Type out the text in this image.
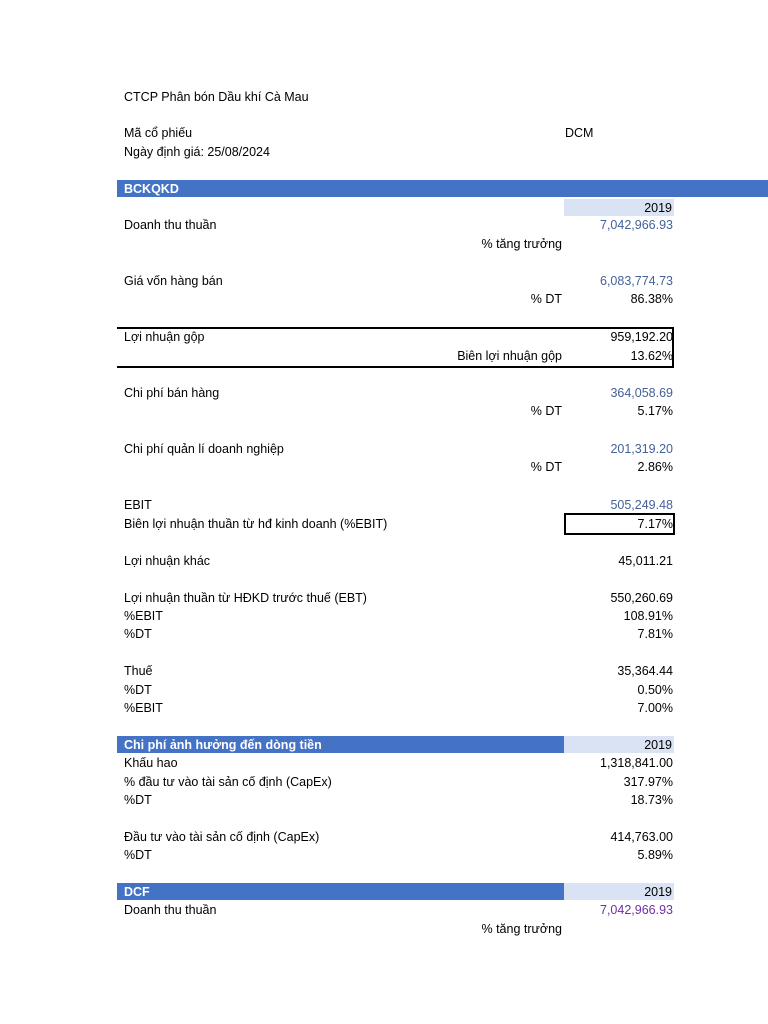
CTCP Phân bón Dầu khí Cà Mau
Mã cổ phiếu	DCM
Ngày định giá: 25/08/2024
BCKQKD
2019
Doanh thu thuần	7,042,966.93
% tăng trưởng
Giá vốn hàng bán	6,083,774.73
% DT	86.38%
Lợi nhuận gộp	959,192.20
Biên lợi nhuận gộp	13.62%
Chi phí bán hàng	364,058.69
% DT	5.17%
Chi phí quản lí doanh nghiệp	201,319.20
% DT	2.86%
EBIT	505,249.48
Biên lợi nhuận thuần từ hđ kinh doanh (%EBIT)	7.17%
Lợi nhuận khác	45,011.21
Lợi nhuận thuần từ HĐKD trước thuế (EBT)	550,260.69
%EBIT	108.91%
%DT	7.81%
Thuế	35,364.44
%DT	0.50%
%EBIT	7.00%
Chi phí ảnh hưởng đến dòng tiền	2019
Khấu hao	1,318,841.00
% đầu tư vào tài sản cố định (CapEx)	317.97%
%DT	18.73%
Đầu tư vào tài sản cố định (CapEx)	414,763.00
%DT	5.89%
DCF	2019
Doanh thu thuần	7,042,966.93
% tăng trưởng
